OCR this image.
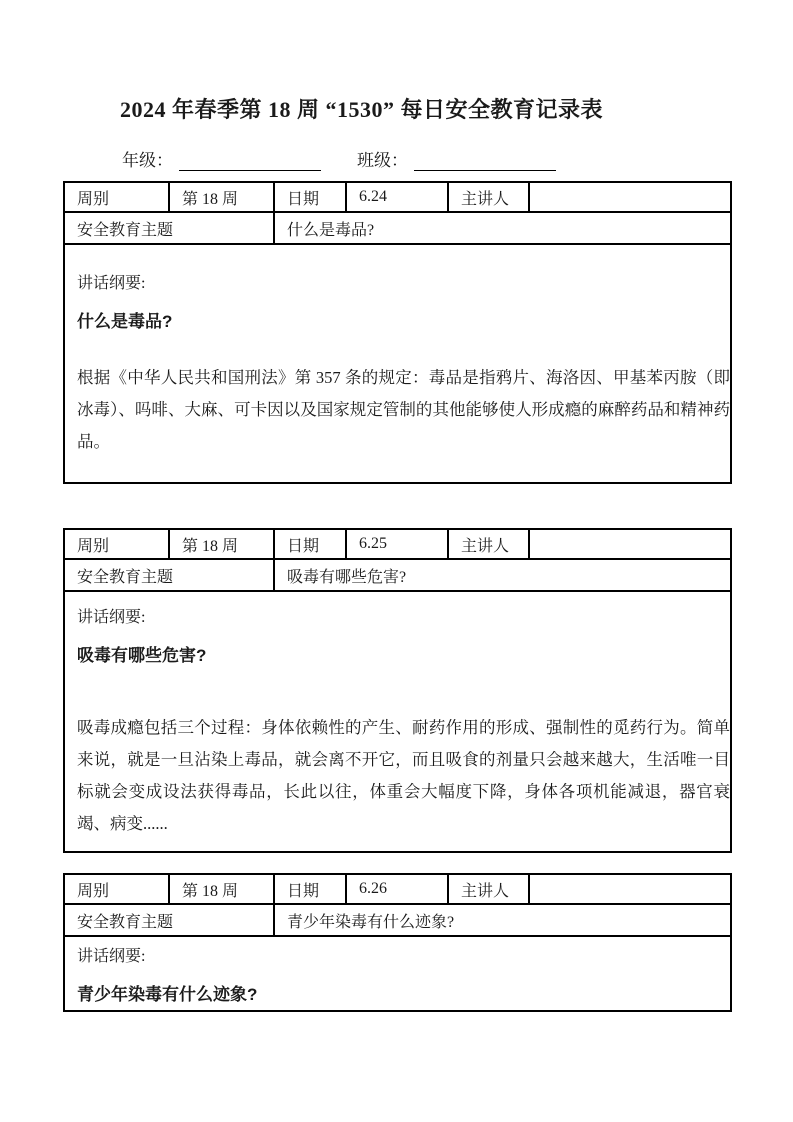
2024 年春季第 18 周 “1530” 每日安全教育记录表
年级：	班级：
周别	第 18 周	日期	6.24	主讲人	
安全教育主题		什么是毒品?			

讲话纲要:
什么是毒品?

根据《中华人民共和国刑法》第 357 条的规定：毒品是指鸦片、海洛因、甲基苯丙胺（即冰毒）、吗啡、大麻、可卡因以及国家规定管制的其他能够使人形成瘾的麻醉药品和精神药品。					

周别	第 18 周	日期	6.25	主讲人	
安全教育主题		吸毒有哪些危害?			

讲话纲要:
吸毒有哪些危害?

吸毒成瘾包括三个过程：身体依赖性的产生、耐药作用的形成、强制性的觅药行为。简单来说，就是一旦沾染上毒品，就会离不开它，而且吸食的剂量只会越来越大，生活唯一目标就会变成设法获得毒品，长此以往，体重会大幅度下降，身体各项机能减退，器官衰竭、病变......					

周别	第 18 周	日期	6.26	主讲人	
安全教育主题		青少年染毒有什么迹象?			

讲话纲要:
青少年染毒有什么迹象?					
